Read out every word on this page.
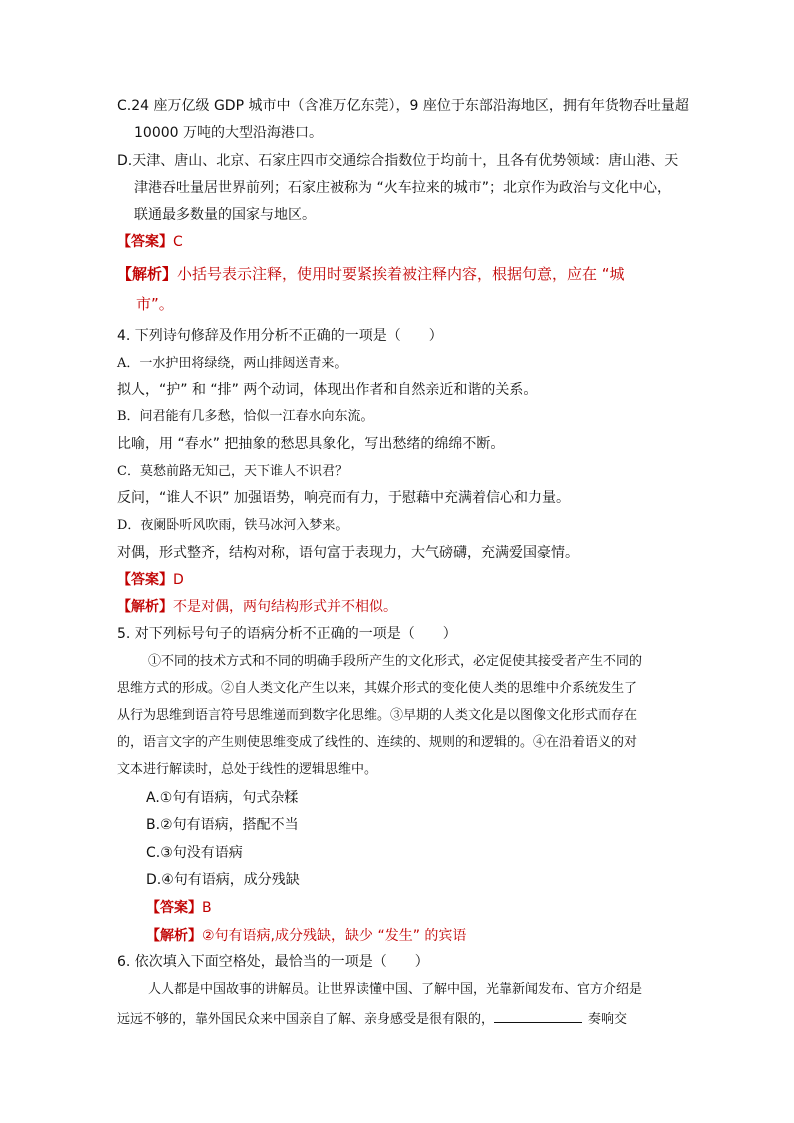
C.24 座万亿级 GDP 城市中（含准万亿东莞），9 座位于东部沿海地区，拥有年货物吞吐量超
10000 万吨的大型沿海港口。
D.天津、唐山、北京、石家庄四市交通综合指数位于均前十，且各有优势领域：唐山港、天
津港吞吐量居世界前列；石家庄被称为 “火车拉来的城市”；北京作为政治与文化中心，
联通最多数量的国家与地区。
【答案】C
【解析】小括号表示注释，使用时要紧挨着被注释内容，根据句意，应在 “城
市”。
4. 下列诗句修辞及作用分析不正确的一项是（　　）
A．一水护田将绿绕，两山排闼送青来。
拟人，“护” 和 “排” 两个动词，体现出作者和自然亲近和谐的关系。
B．问君能有几多愁，恰似一江春水向东流。
比喻，用 “春水” 把抽象的愁思具象化，写出愁绪的绵绵不断。
C．莫愁前路无知己，天下谁人不识君？
反问，“谁人不识” 加强语势，响亮而有力，于慰藉中充满着信心和力量。
D．夜阑卧听风吹雨，铁马冰河入梦来。
对偶，形式整齐，结构对称，语句富于表现力，大气磅礴，充满爱国豪情。
【答案】D
【解析】不是对偶，两句结构形式并不相似。
5. 对下列标号句子的语病分析不正确的一项是（　　）
①不同的技术方式和不同的明确手段所产生的文化形式，必定促使其接受者产生不同的
思维方式的形成。②自人类文化产生以来，其媒介形式的变化使人类的思维中介系统发生了
从行为思维到语言符号思维递而到数字化思维。③早期的人类文化是以图像文化形式而存在
的，语言文字的产生则使思维变成了线性的、连续的、规则的和逻辑的。④在沿着语义的对
文本进行解读时，总处于线性的逻辑思维中。
A.①句有语病，句式杂糅
B.②句有语病，搭配不当
C.③句没有语病
D.④句有语病，成分残缺
【答案】B
【解析】②句有语病,成分残缺，缺少 “发生” 的宾语
6. 依次填入下面空格处，最恰当的一项是（　　）
人人都是中国故事的讲解员。让世界读懂中国、了解中国，光靠新闻发布、官方介绍是
远远不够的，靠外国民众来中国亲自了解、亲身感受是很有限的，	奏响交
